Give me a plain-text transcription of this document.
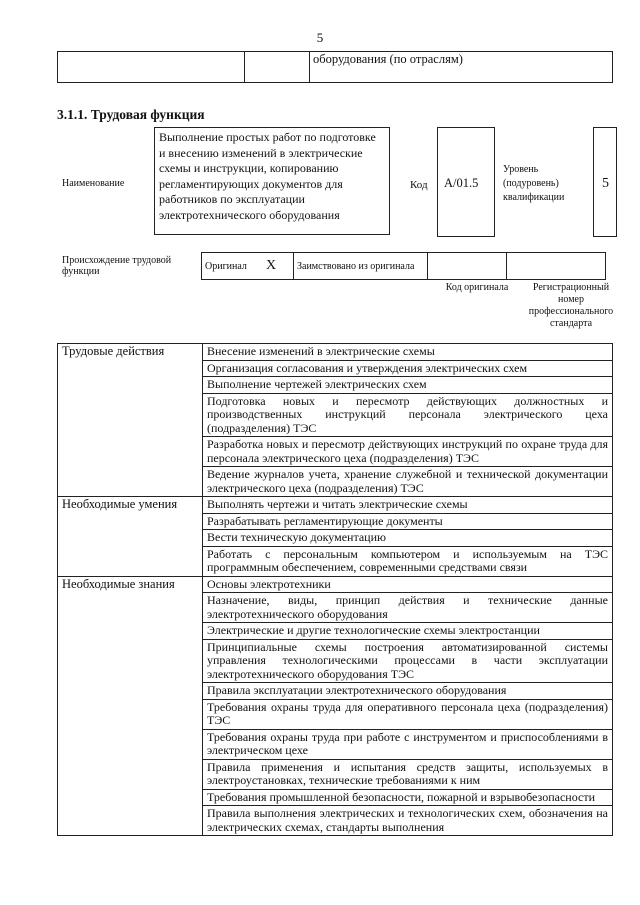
5
		оборудования (по отраслям)
3.1.1. Трудовая функция
Наименование
Выполнение простых работ по подготовке и внесению изменений в электрические схемы и инструкции, копированию регламентирующих документов для работников по эксплуатации электротехнического оборудования
Код	A/01.5
Уровень (подуровень) квалификации
5
Происхождение трудовой функции	Оригинал	X	Заимствовано из оригинала		
Код оригинала	Регистрационный номер профессионального стандарта
Трудовые действия	Внесение изменений в электрические схемы
	Организация согласования и утверждения электрических схем
	Выполнение чертежей электрических схем
	Подготовка новых и пересмотр действующих должностных и производственных инструкций персонала электрического цеха (подразделения) ТЭС
	Разработка новых и пересмотр действующих инструкций по охране труда для персонала электрического цеха (подразделения) ТЭС
	Ведение журналов учета, хранение служебной и технической документации электрического цеха (подразделения) ТЭС
Необходимые умения	Выполнять чертежи и читать электрические схемы
	Разрабатывать регламентирующие документы
	Вести техническую документацию
	Работать с персональным компьютером и используемым на ТЭС программным обеспечением, современными средствами связи
Необходимые знания	Основы электротехники
	Назначение, виды, принцип действия и технические данные электротехнического оборудования
	Электрические и другие технологические схемы электростанции
	Принципиальные схемы построения автоматизированной системы управления технологическими процессами в части эксплуатации электротехнического оборудования ТЭС
	Правила эксплуатации электротехнического оборудования
	Требования охраны труда для оперативного персонала цеха (подразделения) ТЭС
	Требования охраны труда при работе с инструментом и приспособлениями в электрическом цехе
	Правила применения и испытания средств защиты, используемых в электроустановках, технические требованиями к ним
	Требования промышленной безопасности, пожарной и взрывобезопасности
	Правила выполнения электрических и технологических схем, обозначения на электрических схемах, стандарты выполнения
